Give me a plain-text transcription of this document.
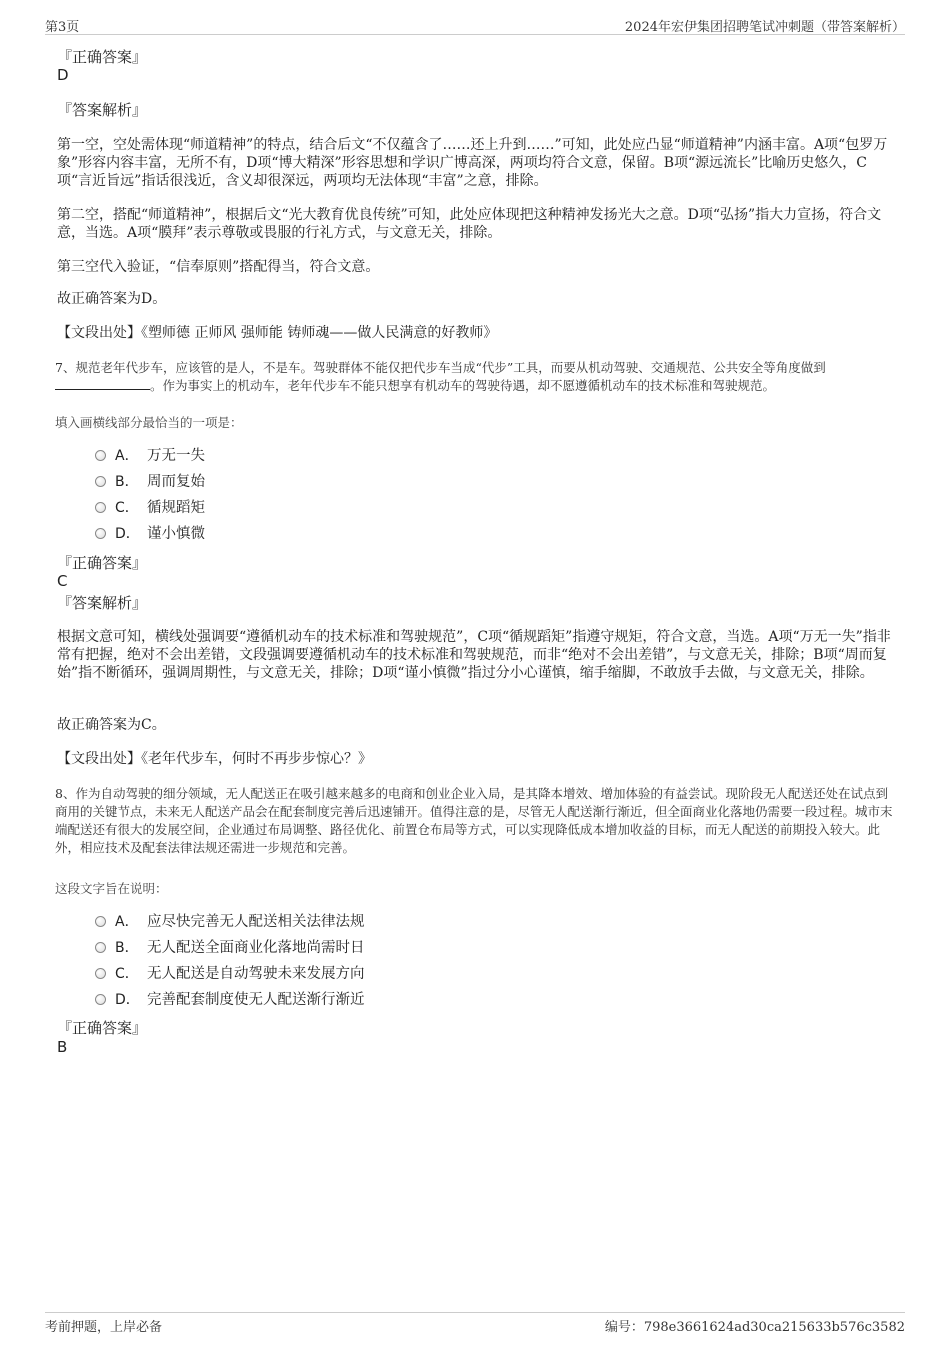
第3页	2024年宏伊集团招聘笔试冲刺题（带答案解析）
『正确答案』
D
『答案解析』
第一空，空处需体现“师道精神”的特点，结合后文“不仅蕴含了……还上升到……”可知，此处应凸显“师道精神”内涵丰富。A项“包罗万象”形容内容丰富，无所不有，D项“博大精深”形容思想和学识广博高深，两项均符合文意，保留。B项“源远流长”比喻历史悠久，C项“言近旨远”指话很浅近，含义却很深远，两项均无法体现“丰富”之意，排除。
第二空，搭配“师道精神”，根据后文“光大教育优良传统”可知，此处应体现把这种精神发扬光大之意。D项“弘扬”指大力宣扬，符合文意，当选。A项“膜拜”表示尊敬或畏服的行礼方式，与文意无关，排除。
第三空代入验证，“信奉原则”搭配得当，符合文意。
故正确答案为D。
【文段出处】《塑师德 正师风 强师能 铸师魂——做人民满意的好教师》
7、规范老年代步车，应该管的是人，不是车。驾驶群体不能仅把代步车当成“代步”工具，而要从机动驾驶、交通规范、公共安全等角度做到。作为事实上的机动车，老年代步车不能只想享有机动车的驾驶待遇，却不愿遵循机动车的技术标准和驾驶规范。
填入画横线部分最恰当的一项是：
A． 万无一失
B． 周而复始
C． 循规蹈矩
D． 谨小慎微
『正确答案』
C
『答案解析』
根据文意可知，横线处强调要“遵循机动车的技术标准和驾驶规范”，C项“循规蹈矩”指遵守规矩，符合文意，当选。A项“万无一失”指非常有把握，绝对不会出差错，文段强调要遵循机动车的技术标准和驾驶规范，而非“绝对不会出差错”，与文意无关，排除；B项“周而复始”指不断循环，强调周期性，与文意无关，排除；D项“谨小慎微”指过分小心谨慎，缩手缩脚，不敢放手去做，与文意无关，排除。
故正确答案为C。
【文段出处】《老年代步车，何时不再步步惊心？》
8、作为自动驾驶的细分领域，无人配送正在吸引越来越多的电商和创业企业入局，是其降本增效、增加体验的有益尝试。现阶段无人配送还处在试点到商用的关键节点，未来无人配送产品会在配套制度完善后迅速铺开。值得注意的是，尽管无人配送渐行渐近，但全面商业化落地仍需要一段过程。城市末端配送还有很大的发展空间，企业通过布局调整、路径优化、前置仓布局等方式，可以实现降低成本增加收益的目标，而无人配送的前期投入较大。此外，相应技术及配套法律法规还需进一步规范和完善。
这段文字旨在说明：
A． 应尽快完善无人配送相关法律法规
B． 无人配送全面商业化落地尚需时日
C． 无人配送是自动驾驶未来发展方向
D． 完善配套制度使无人配送渐行渐近
『正确答案』
B
考前押题，上岸必备	编号：798e3661624ad30ca215633b576c3582
